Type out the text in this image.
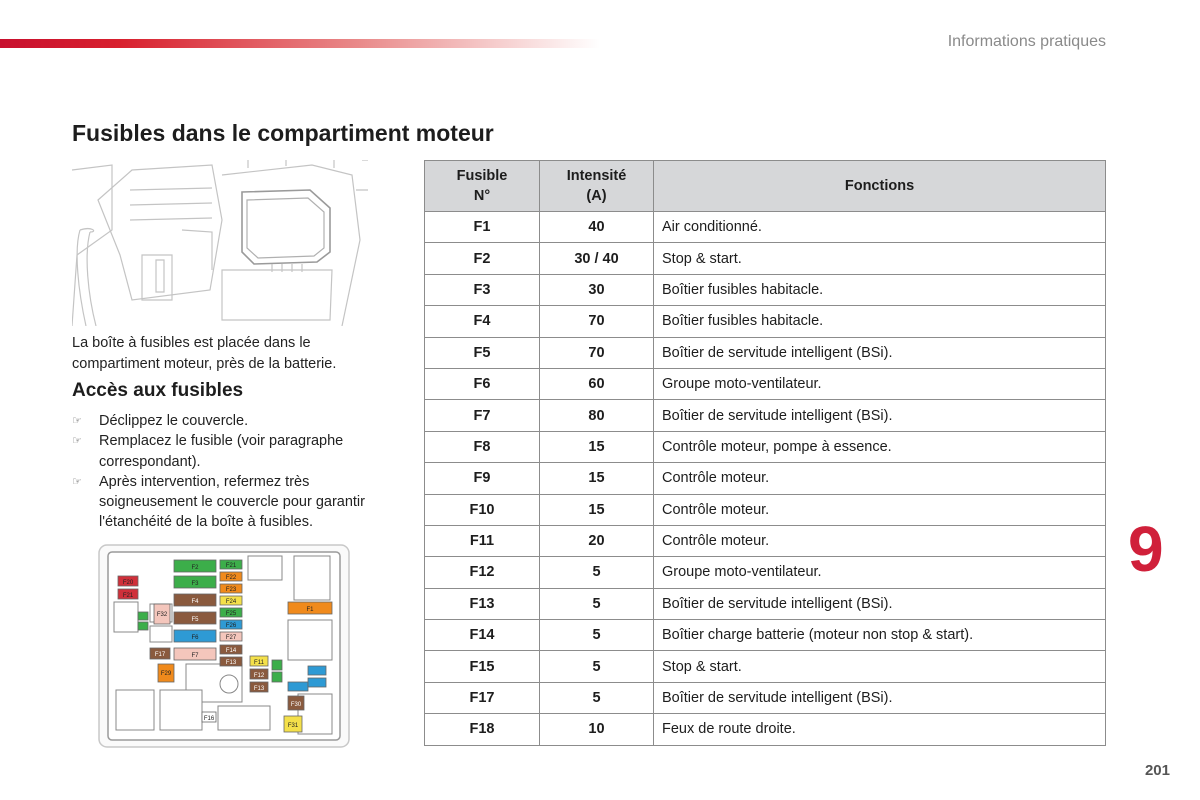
Informations pratiques
Fusibles dans le compartiment moteur
La boîte à fusibles est placée dans le compartiment moteur, près de la batterie.
Accès aux fusibles
☞ Déclippez le couvercle.
☞ Remplacez le fusible (voir paragraphe correspondant).
☞ Après intervention, refermez très soigneusement le couvercle pour garantir l'étanchéité de la boîte à fusibles.
F2
F3
F4
F5
F6
F7
F1
F21
F22
F23
F24
F25
F26
F27
F14
F13
F20
F21
F32
F17
F29
F11
F12
F13
F30
F31
F16
Fusible N°	Intensité (A)	Fonctions
F1	40	Air conditionné.
F2	30 / 40	Stop & start.
F3	30	Boîtier fusibles habitacle.
F4	70	Boîtier fusibles habitacle.
F5	70	Boîtier de servitude intelligent (BSi).
F6	60	Groupe moto-ventilateur.
F7	80	Boîtier de servitude intelligent (BSi).
F8	15	Contrôle moteur, pompe à essence.
F9	15	Contrôle moteur.
F10	15	Contrôle moteur.
F11	20	Contrôle moteur.
F12	5	Groupe moto-ventilateur.
F13	5	Boîtier de servitude intelligent (BSi).
F14	5	Boîtier charge batterie (moteur non stop & start).
F15	5	Stop & start.
F17	5	Boîtier de servitude intelligent (BSi).
F18	10	Feux de route droite.
9
201
